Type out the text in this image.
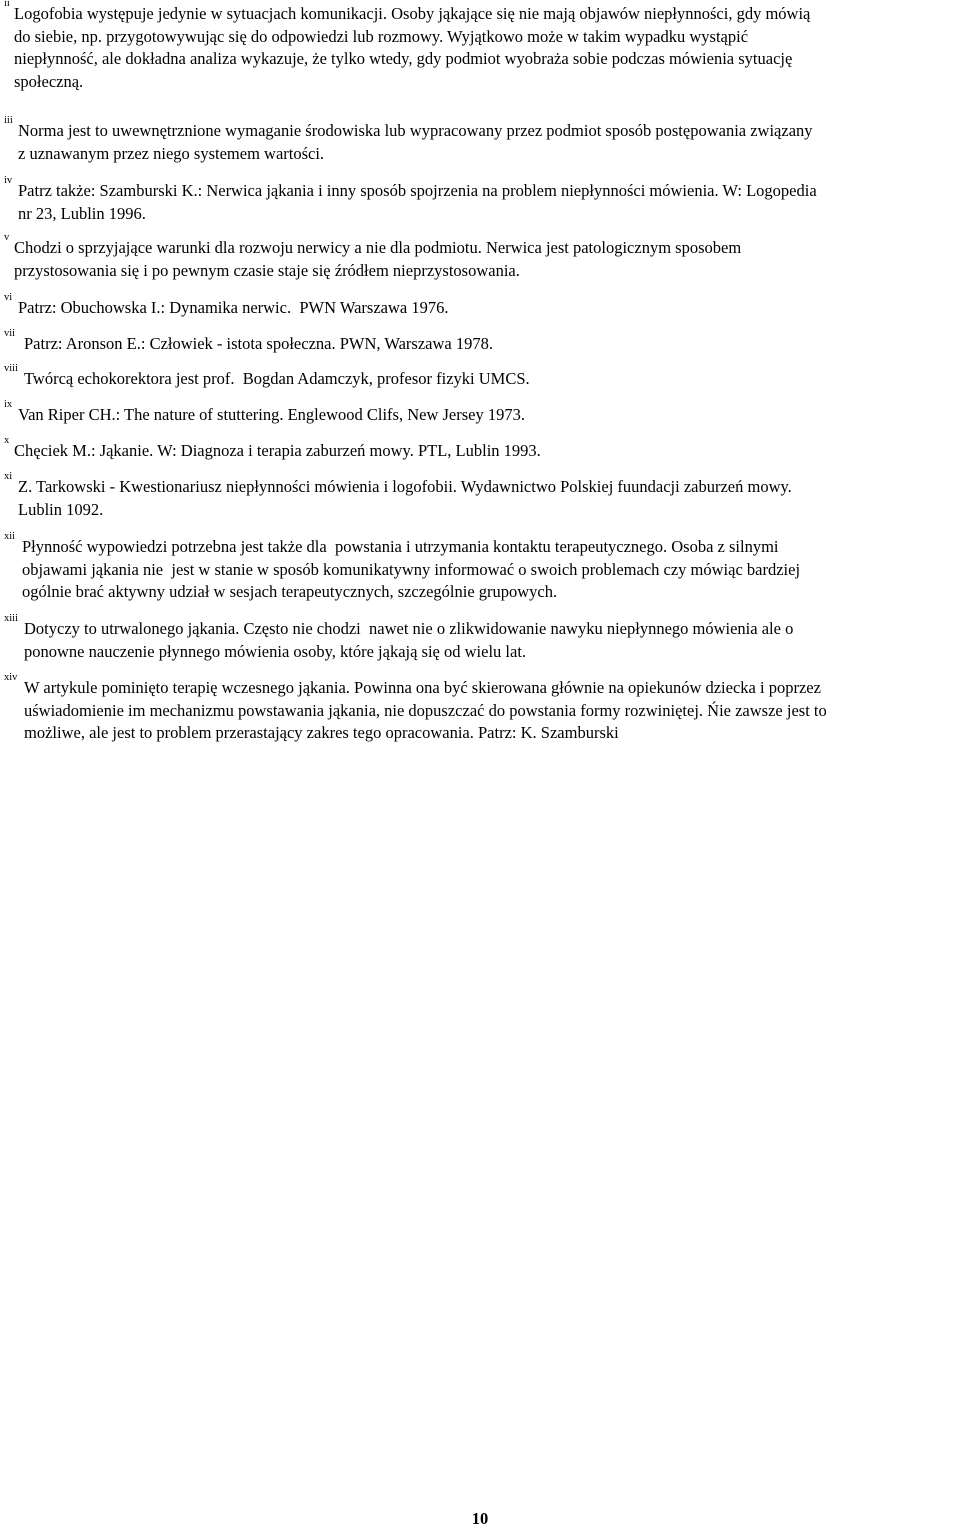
ii
Logofobia występuje jedynie w sytuacjach komunikacji. Osoby jąkające się nie mają objawów niepłynności, gdy mówią
do siebie, np. przygotowywując się do odpowiedzi lub rozmowy. Wyjątkowo może w takim wypadku wystąpić
niepłynność, ale dokładna analiza wykazuje, że tylko wtedy, gdy podmiot wyobraża sobie podczas mówienia sytuację
społeczną.
iii
Norma jest to uwewnętrznione wymaganie środowiska lub wypracowany przez podmiot sposób postępowania związany
z uznawanym przez niego systemem wartości.
iv
Patrz także: Szamburski K.: Nerwica jąkania i inny sposób spojrzenia na problem niepłynności mówienia. W: Logopedia
nr 23, Lublin 1996.
v
Chodzi o sprzyjające warunki dla rozwoju nerwicy a nie dla podmiotu. Nerwica jest patologicznym sposobem
przystosowania się i po pewnym czasie staje się źródłem nieprzystosowania.
vi
Patrz: Obuchowska I.: Dynamika nerwic.  PWN Warszawa 1976.
vii
Patrz: Aronson E.: Człowiek - istota społeczna. PWN, Warszawa 1978.
viii
Twórcą echokorektora jest prof.  Bogdan Adamczyk, profesor fizyki UMCS.
ix
Van Riper CH.: The nature of stuttering. Englewood Clifs, New Jersey 1973.
x
Chęciek M.: Jąkanie. W: Diagnoza i terapia zaburzeń mowy. PTL, Lublin 1993.
xi
Z. Tarkowski - Kwestionariusz niepłynności mówienia i logofobii. Wydawnictwo Polskiej fuundacji zaburzeń mowy.
Lublin 1092.
xii
Płynność wypowiedzi potrzebna jest także dla  powstania i utrzymania kontaktu terapeutycznego. Osoba z silnymi
objawami jąkania nie  jest w stanie w sposób komunikatywny informować o swoich problemach czy mówiąc bardziej
ogólnie brać aktywny udział w sesjach terapeutycznych, szczególnie grupowych.
xiii
Dotyczy to utrwalonego jąkania. Często nie chodzi  nawet nie o zlikwidowanie nawyku niepłynnego mówienia ale o
ponowne nauczenie płynnego mówienia osoby, które jąkają się od wielu lat.
xiv
W artykule pominięto terapię wczesnego jąkania. Powinna ona być skierowana głównie na opiekunów dziecka i poprzez
uświadomienie im mechanizmu powstawania jąkania, nie dopuszczać do powstania formy rozwiniętej. Ńie zawsze jest to
możliwe, ale jest to problem przerastający zakres tego opracowania. Patrz: K. Szamburski
10
